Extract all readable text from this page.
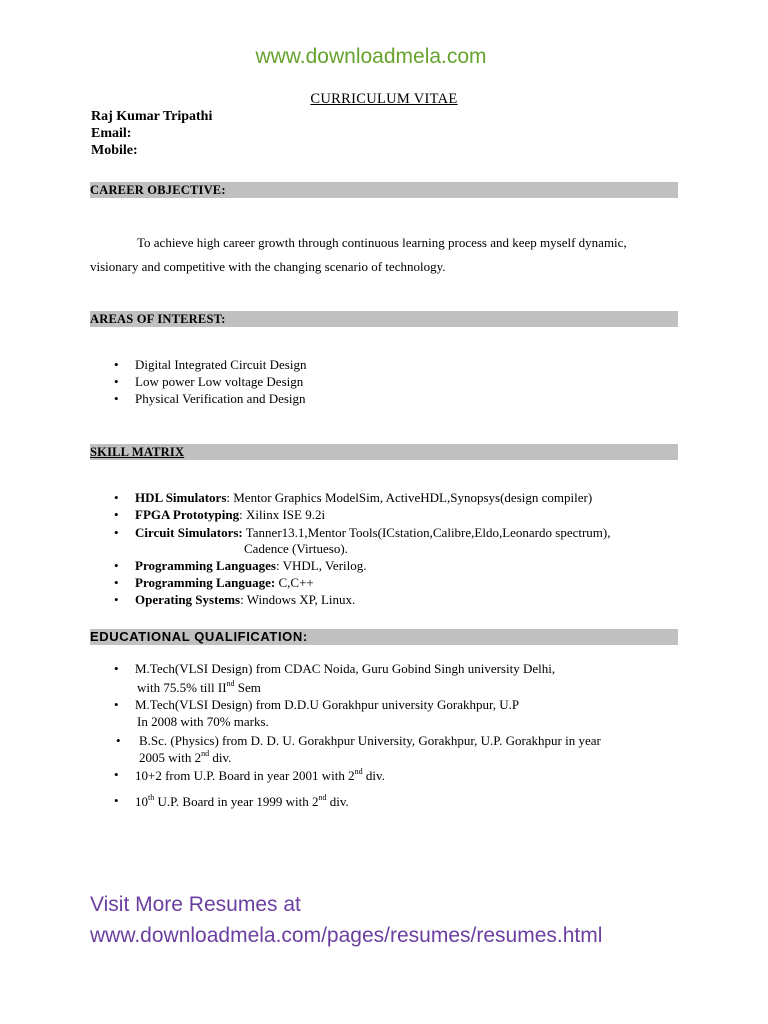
www.downloadmela.com
CURRICULUM VITAE
Raj Kumar Tripathi
Email:
Mobile:
CAREER OBJECTIVE:
To achieve high career growth through continuous learning process and keep myself dynamic,
visionary and competitive with the changing scenario of technology.
AREAS OF INTEREST:
• Digital Integrated Circuit Design
• Low power Low voltage Design
• Physical Verification and Design
SKILL MATRIX
• HDL Simulators: Mentor Graphics ModelSim, ActiveHDL,Synopsys(design compiler)
• FPGA Prototyping: Xilinx ISE 9.2i
• Circuit Simulators: Tanner13.1,Mentor Tools(ICstation,Calibre,Eldo,Leonardo spectrum),
Cadence (Virtueso).
• Programming Languages: VHDL, Verilog.
• Programming Language: C,C++
• Operating Systems: Windows XP, Linux.
EDUCATIONAL QUALIFICATION:
• M.Tech(VLSI Design) from CDAC Noida, Guru Gobind Singh university Delhi,
with 75.5% till IInd Sem
• M.Tech(VLSI Design) from D.D.U Gorakhpur university Gorakhpur, U.P
In 2008 with 70% marks.
• B.Sc. (Physics) from D. D. U. Gorakhpur University, Gorakhpur, U.P. Gorakhpur in year
2005 with 2nd div.
• 10+2 from U.P. Board in year 2001 with 2nd div.
• 10th U.P. Board in year 1999 with 2nd div.
Visit More Resumes at
www.downloadmela.com/pages/resumes/resumes.html
